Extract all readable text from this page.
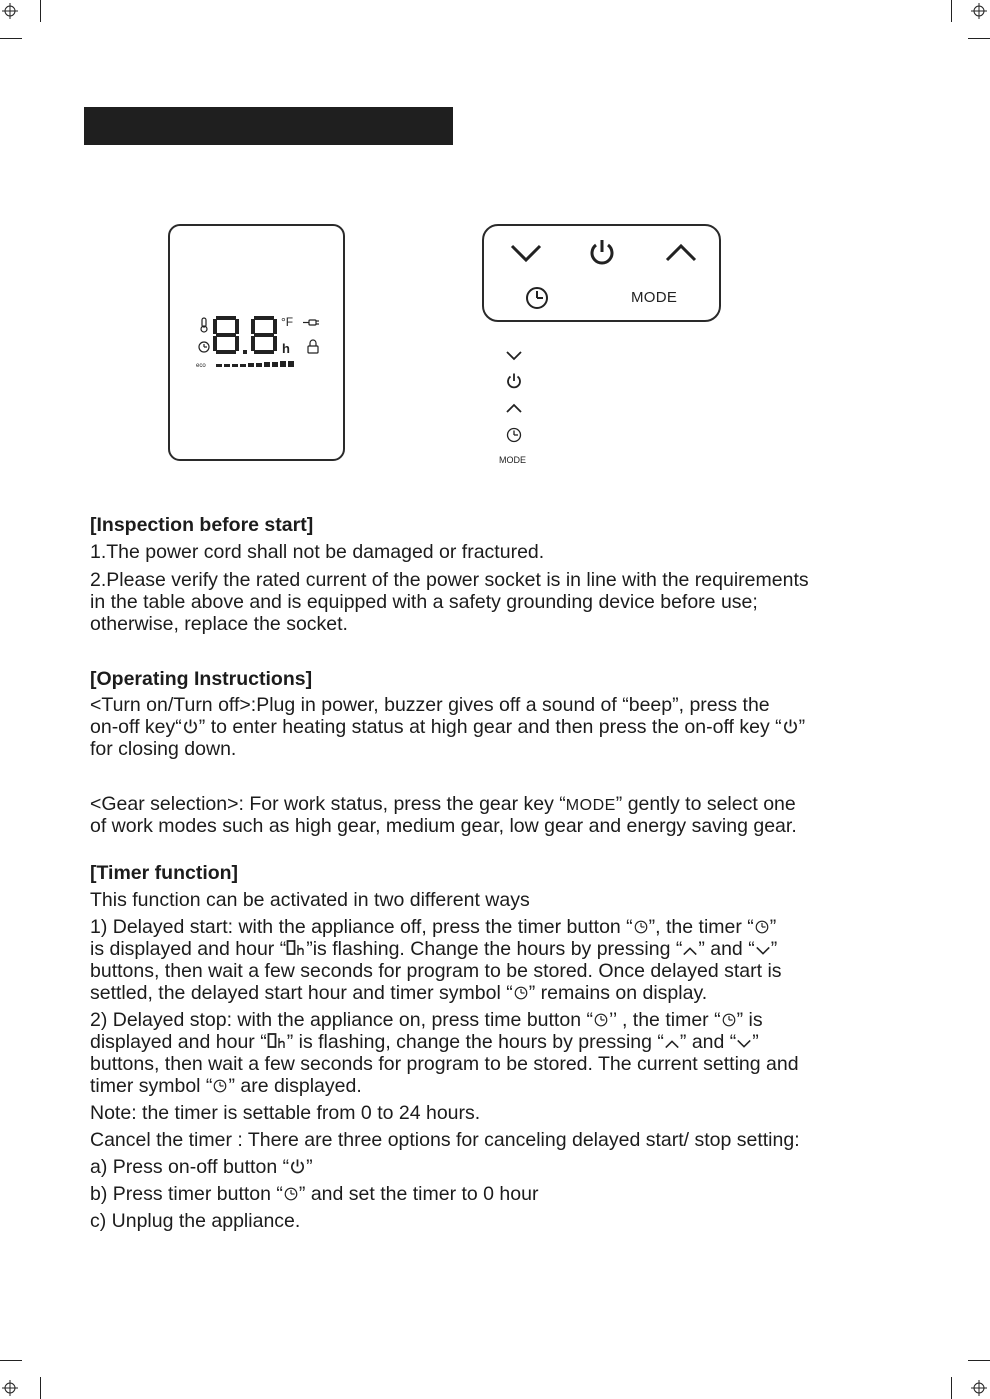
°F
h
eco
MODE
MODE
[Inspection before start]
1.The power cord shall not be damaged or fractured.
2.Please verify the rated current of the power socket is in line with the requirements
in the table above and is equipped with a safety grounding device before use;
otherwise, replace the socket.
[Operating Instructions]
<Turn on/Turn off>:Plug in power, buzzer gives off a sound of “beep”, press the
on-off key“ ” to enter heating status at high gear and then press the on-off key “ ”
for closing down.
<Gear selection>: For work status, press the gear key “MODE” gently to select one
of work modes such as high gear, medium gear, low gear and energy saving gear.
[Timer function]
This function can be activated in two different ways
1) Delayed start: with the appliance off, press the timer button “ ”, the timer “ ”
is displayed and hour “ ”is flashing. Change the hours by pressing “ ” and “ ”
buttons, then wait a few seconds for program to be stored. Once delayed start is
settled, the delayed start hour and timer symbol “ ” remains on display.
2) Delayed stop: with the appliance on, press time button “ ’’ , the timer “ ” is
displayed and hour “ ” is flashing, change the hours by pressing “ ” and “ ”
buttons, then wait a few seconds for program to be stored. The current setting and
timer symbol “ ” are displayed.
Note: the timer is settable from 0 to 24 hours.
Cancel the timer : There are three options for canceling delayed start/ stop setting:
a) Press on-off button “ ”
b) Press timer button “ ” and set the timer to 0 hour
c) Unplug the appliance.
